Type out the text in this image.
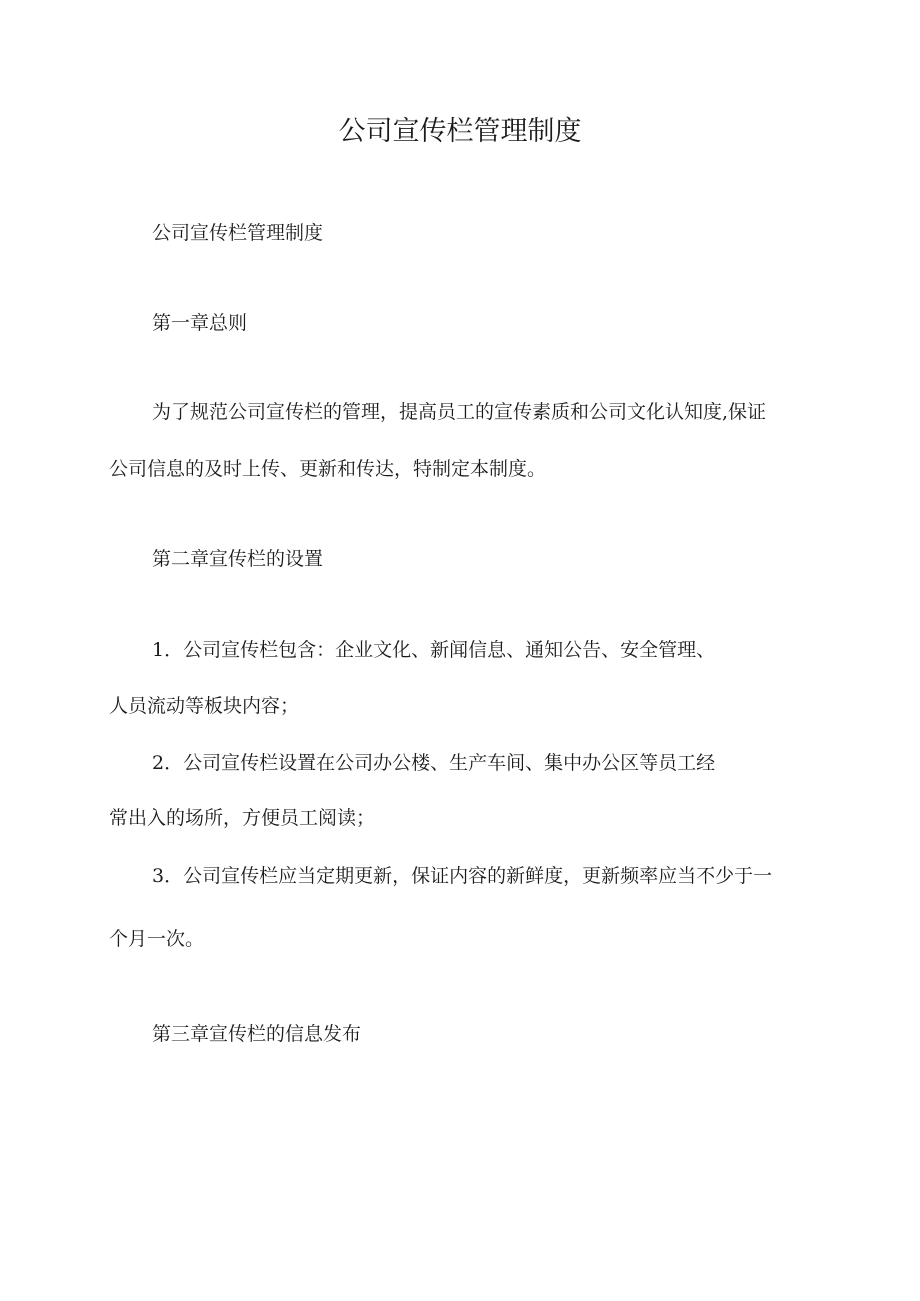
公司宣传栏管理制度
公司宣传栏管理制度
第一章总则
为了规范公司宣传栏的管理，提高员工的宣传素质和公司文化认知度,保证
公司信息的及时上传、更新和传达，特制定本制度。
第二章宣传栏的设置
1．公司宣传栏包含：企业文化、新闻信息、通知公告、安全管理、
人员流动等板块内容；
2．公司宣传栏设置在公司办公楼、生产车间、集中办公区等员工经
常出入的场所，方便员工阅读；
3．公司宣传栏应当定期更新，保证内容的新鲜度，更新频率应当不少于一
个月一次。
第三章宣传栏的信息发布
